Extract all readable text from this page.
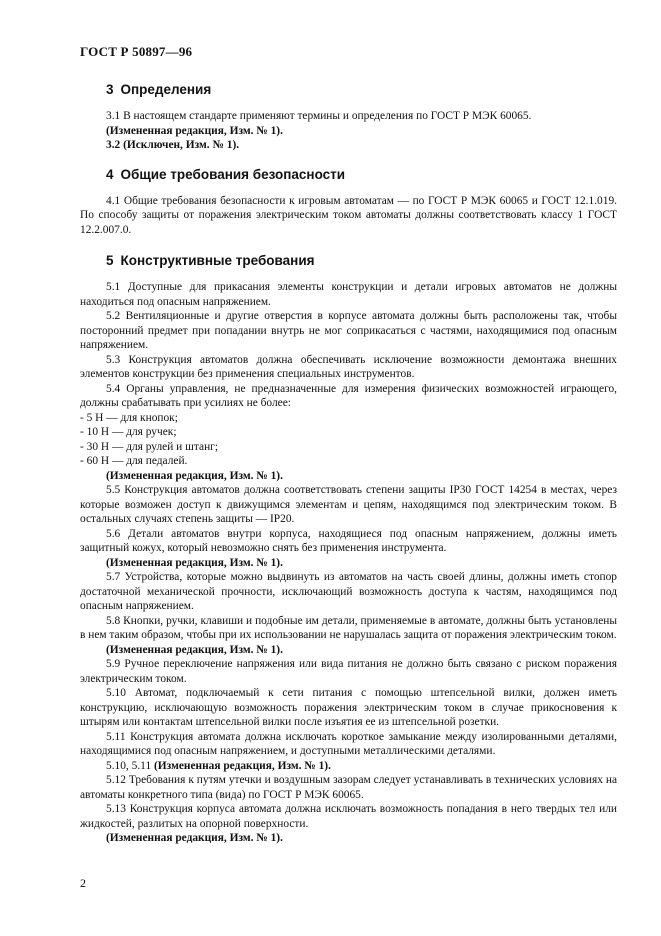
ГОСТ Р 50897—96
3 Определения

3.1 В настоящем стандарте применяют термины и определения по ГОСТ Р МЭК 60065.

(Измененная редакция, Изм. № 1).

3.2 (Исключен, Изм. № 1).

4 Общие требования безопасности

4.1 Общие требования безопасности к игровым автоматам — по ГОСТ Р МЭК 60065 и ГОСТ 12.1.019. По способу защиты от поражения электрическим током автоматы должны соответствовать классу 1 ГОСТ 12.2.007.0.

5 Конструктивные требования

5.1 Доступные для прикасания элементы конструкции и детали игровых автоматов не должны находиться под опасным напряжением.

5.2 Вентиляционные и другие отверстия в корпусе автомата должны быть расположены так, чтобы посторонний предмет при попадании внутрь не мог соприкасаться с частями, находящимися под опасным напряжением.

5.3 Конструкция автоматов должна обеспечивать исключение возможности демонтажа внешних элементов конструкции без применения специальных инструментов.

5.4 Органы управления, не предназначенные для измерения физических возможностей играющего, должны срабатывать при усилиях не более:

- 5 Н — для кнопок;
- 10 Н — для ручек;
- 30 Н — для рулей и штанг;
- 60 Н — для педалей.

(Измененная редакция, Изм. № 1).

5.5 Конструкция автоматов должна соответствовать степени защиты IP30 ГОСТ 14254 в местах, через которые возможен доступ к движущимся элементам и цепям, находящимся под электрическим током. В остальных случаях степень защиты — IP20.

5.6 Детали автоматов внутри корпуса, находящиеся под опасным напряжением, должны иметь защитный кожух, который невозможно снять без применения инструмента.

(Измененная редакция, Изм. № 1).

5.7 Устройства, которые можно выдвинуть из автоматов на часть своей длины, должны иметь стопор достаточной механической прочности, исключающий возможность доступа к частям, находящимся под опасным напряжением.

5.8 Кнопки, ручки, клавиши и подобные им детали, применяемые в автомате, должны быть установлены в нем таким образом, чтобы при их использовании не нарушалась защита от поражения электрическим током.

(Измененная редакция, Изм. № 1).

5.9 Ручное переключение напряжения или вида питания не должно быть связано с риском поражения электрическим током.

5.10 Автомат, подключаемый к сети питания с помощью штепсельной вилки, должен иметь конструкцию, исключающую возможность поражения электрическим током в случае прикосновения к штырям или контактам штепсельной вилки после изъятия ее из штепсельной розетки.

5.11 Конструкция автомата должна исключать короткое замыкание между изолированными деталями, находящимися под опасным напряжением, и доступными металлическими деталями.

5.10, 5.11 (Измененная редакция, Изм. № 1).

5.12 Требования к путям утечки и воздушным зазорам следует устанавливать в технических условиях на автоматы конкретного типа (вида) по ГОСТ Р МЭК 60065.

5.13 Конструкция корпуса автомата должна исключать возможность попадания в него твердых тел или жидкостей, разлитых на опорной поверхности.

(Измененная редакция, Изм. № 1).

2
